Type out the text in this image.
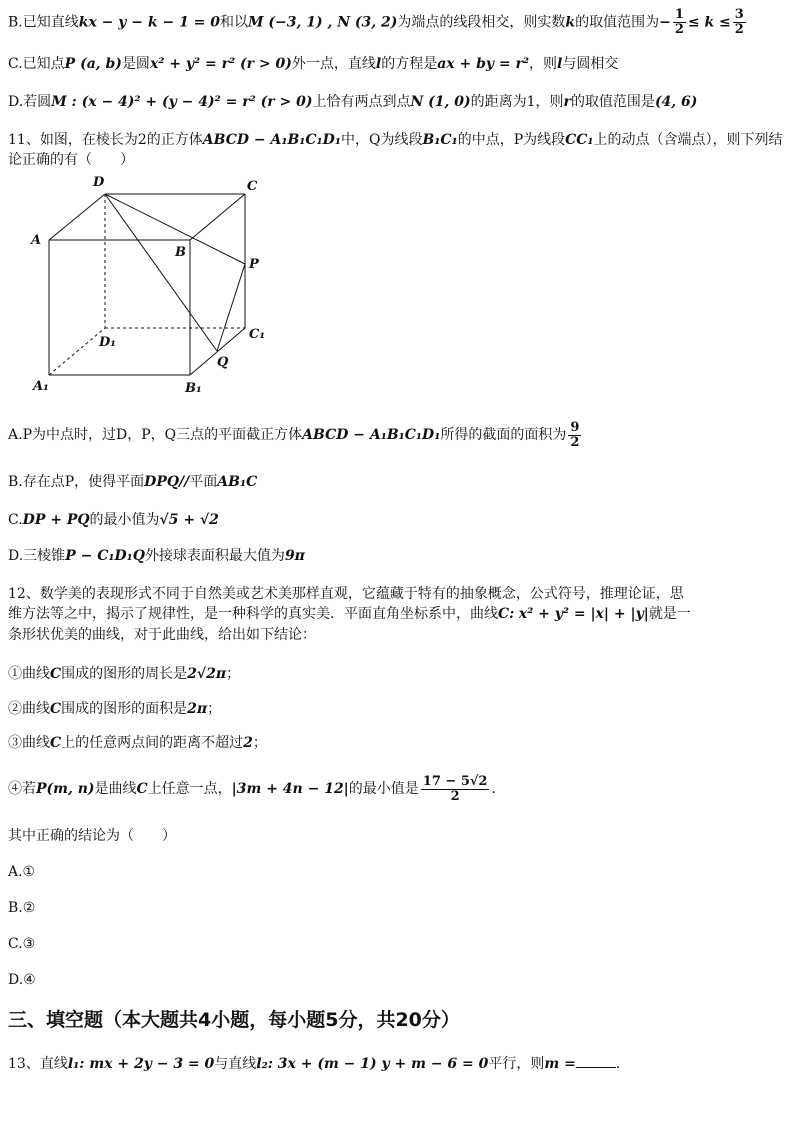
B.已知直线kx − y − k − 1 = 0和以M (−3, 1) , N (3, 2)为端点的线段相交，则实数k的取值范围为− $\frac{1}{2} \le k \le \frac{3}{2}$
C.已知点P (a, b)是圆x² + y² = r² (r > 0)外一点，直线l的方程是ax + by = r²，则l与圆相交
D.若圆M : (x − 4)² + (y − 4)² = r² (r > 0)上恰有两点到点N (1, 0)的距离为1，则r的取值范围是(4, 6)
11、如图，在棱长为2的正方体ABCD − A₁B₁C₁D₁中，Q为线段B₁C₁的中点，P为线段CC₁上的动点（含端点），则下列结论正确的有（　　）
D	C
A
B
P
D₁
C₁
Q
A₁	B₁
A.P为中点时，过D，P，Q三点的平面截正方体ABCD − A₁B₁C₁D₁所得的截面的面积为 $\frac{9}{2}$
B.存在点P，使得平面DPQ//平面AB₁C
C.DP + PQ的最小值为√5 + √2
D.三棱锥P − C₁D₁Q外接球表面积最大值为9π
12、数学美的表现形式不同于自然美或艺术美那样直观，它蕴藏于特有的抽象概念，公式符号，推理论证，思
维方法等之中，揭示了规律性，是一种科学的真实美．平面直角坐标系中，曲线C: x² + y² = |x| + |y|就是一
条形状优美的曲线，对于此曲线，给出如下结论：
①曲线C围成的图形的周长是2√2π；
②曲线C围成的图形的面积是2π；
③曲线C上的任意两点间的距离不超过2；
④若P(m, n)是曲线C上任意一点，|3m + 4n − 12|的最小值是 $\frac{17 - 5√2}{2}$ .
其中正确的结论为（　　）
A.①
B.②
C.③
D.④
三、填空题（本大题共4小题，每小题5分，共20分）
13、直线l₁: mx + 2y − 3 = 0与直线l₂: 3x + (m − 1) y + m − 6 = 0平行，则m =	.
